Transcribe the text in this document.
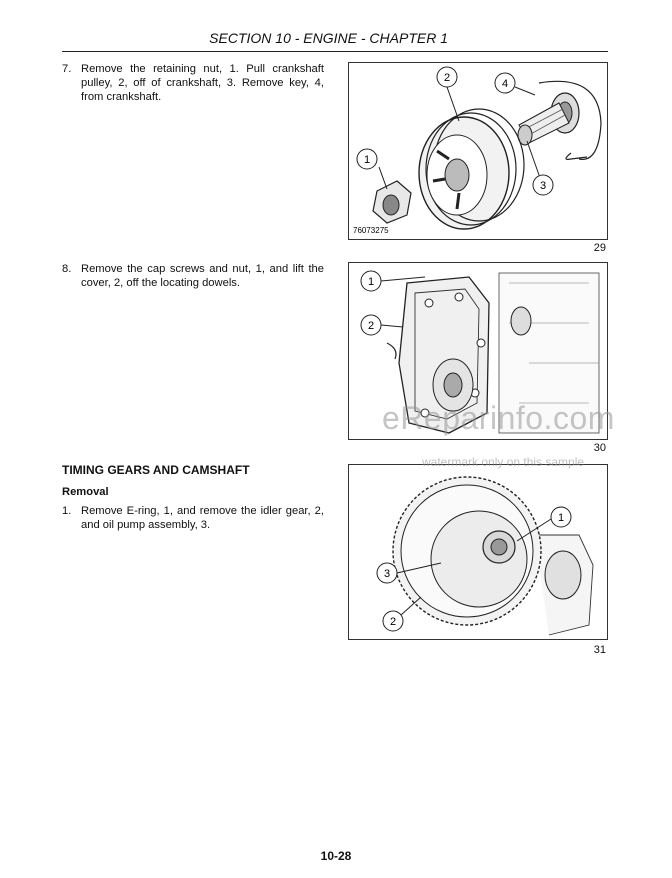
SECTION 10 - ENGINE - CHAPTER 1
7. Remove the retaining nut, 1. Pull crankshaft pulley, 2, off of crankshaft, 3. Remove key, 4, from crankshaft.
1
2
3
4
76073275
29
8. Remove the cap screws and nut, 1, and lift the cover, 2, off the locating dowels.	1
2
30
TIMING GEARS AND CAMSHAFT
Removal
1. Remove E-ring, 1, and remove the idler gear, 2, and oil pump assembly, 3.
1
2
3
31
eReparinfo.com
watermark only on this sample
10-28
